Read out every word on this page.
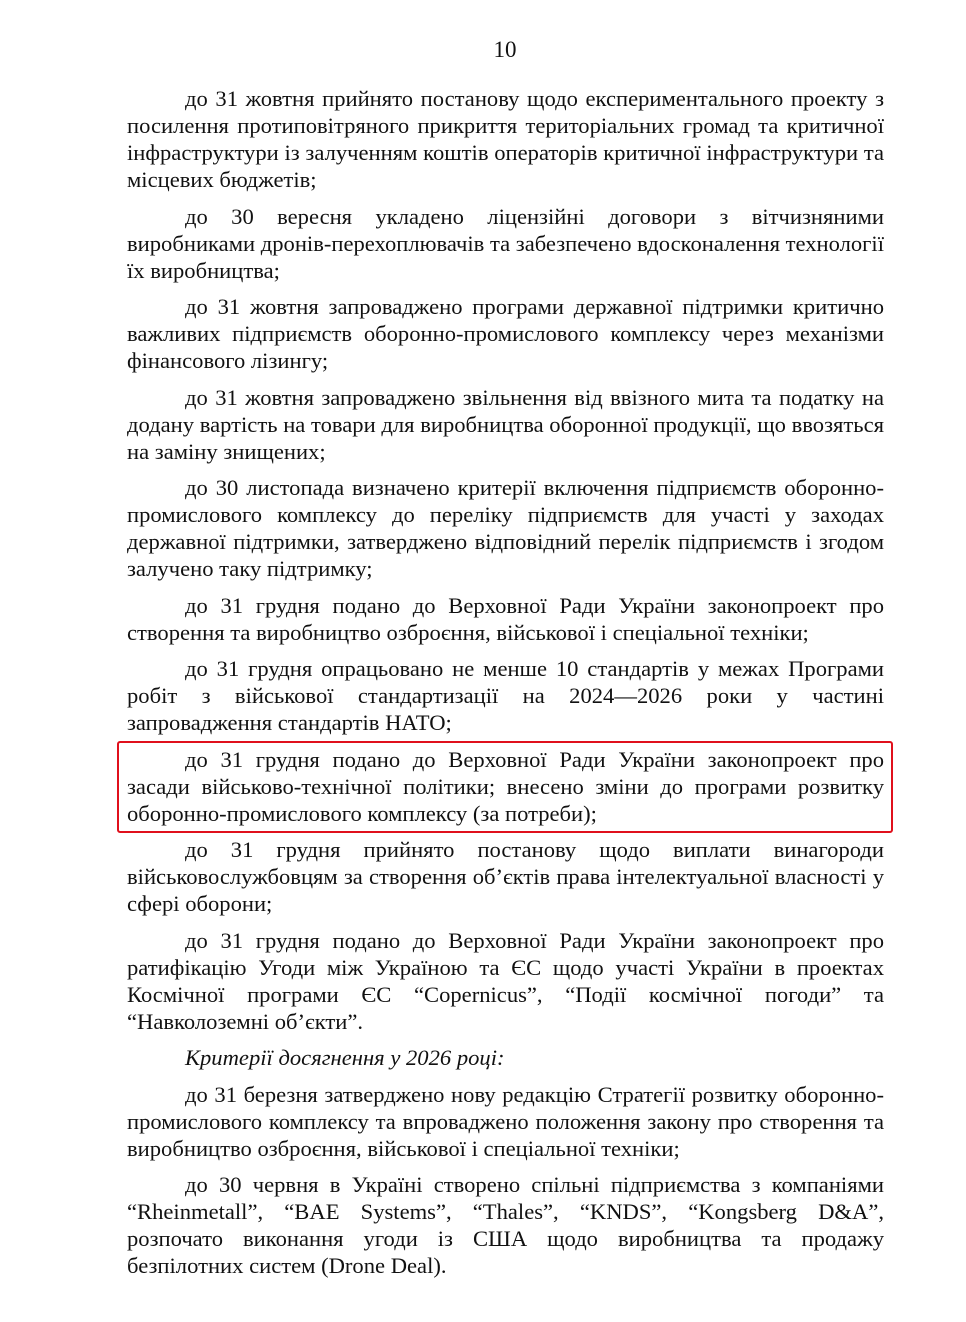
10

до 31 жовтня прийнято постанову щодо експериментального проекту з посилення протиповітряного прикриття територіальних громад та критичної інфраструктури із залученням коштів операторів критичної інфраструктури та місцевих бюджетів;

до 30 вересня укладено ліцензійні договори з вітчизняними виробниками дронів-перехоплювачів та забезпечено вдосконалення технології їх виробництва;

до 31 жовтня запроваджено програми державної підтримки критично важливих підприємств оборонно-промислового комплексу через механізми фінансового лізингу;

до 31 жовтня запроваджено звільнення від ввізного мита та податку на додану вартість на товари для виробництва оборонної продукції, що ввозяться на заміну знищених;

до 30 листопада визначено критерії включення підприємств оборонно-промислового комплексу до переліку підприємств для участі у заходах державної підтримки, затверджено відповідний перелік підприємств і згодом залучено таку підтримку;

до 31 грудня подано до Верховної Ради України законопроект про створення та виробництво озброєння, військової і спеціальної техніки;

до 31 грудня опрацьовано не менше 10 стандартів у межах Програми робіт з військової стандартизації на 2024—2026 роки у частині запровадження стандартів НАТО;

до 31 грудня подано до Верховної Ради України законопроект про засади військово-технічної політики; внесено зміни до програми розвитку оборонно-промислового комплексу (за потреби);

до 31 грудня прийнято постанову щодо виплати винагороди військовослужбовцям за створення об’єктів права інтелектуальної власності у сфері оборони;

до 31 грудня подано до Верховної Ради України законопроект про ратифікацію Угоди між Україною та ЄС щодо участі України в проектах Космічної програми ЄС “Copernicus”, “Події космічної погоди” та “Навколоземні об’єкти”.

Критерії досягнення у 2026 році:

до 31 березня затверджено нову редакцію Стратегії розвитку оборонно-промислового комплексу та впроваджено положення закону про створення та виробництво озброєння, військової і спеціальної техніки;

до 30 червня в Україні створено спільні підприємства з компаніями “Rheinmetall”, “BAE Systems”, “Thales”, “KNDS”, “Kongsberg D&A”, розпочато виконання угоди із США щодо виробництва та продажу безпілотних систем (Drone Deal).
